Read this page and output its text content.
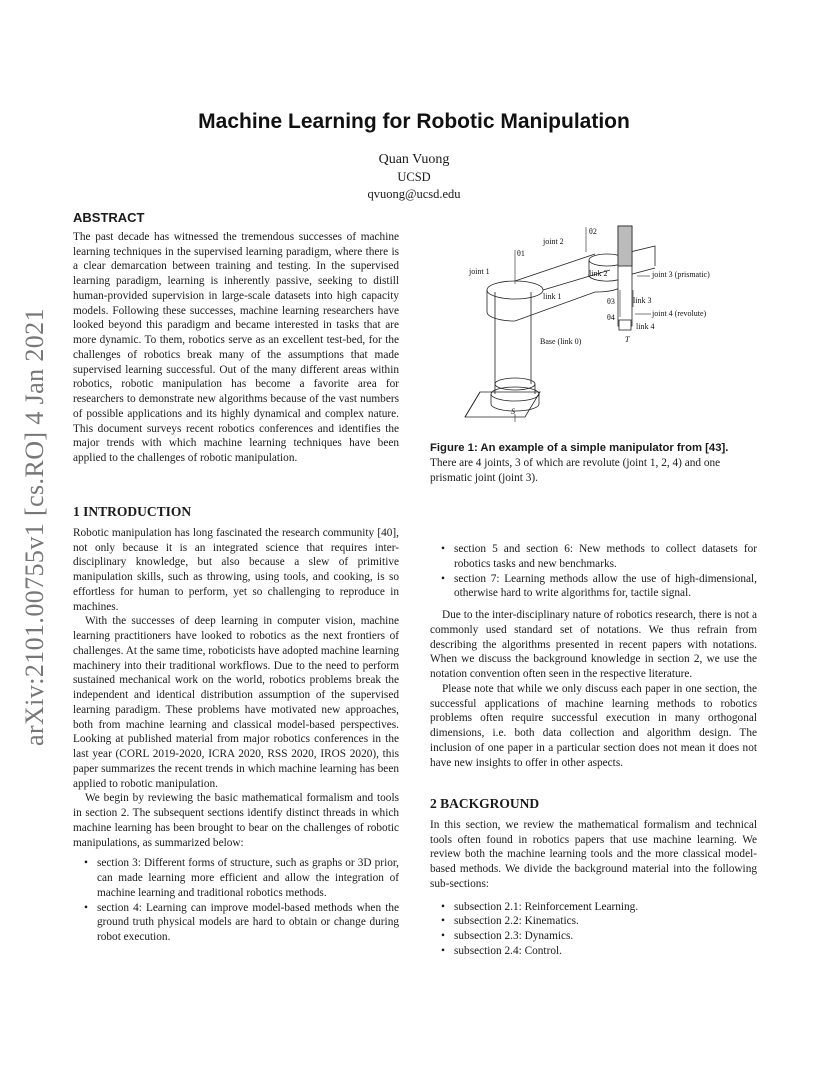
arXiv:2101.00755v1 [cs.RO] 4 Jan 2021
Machine Learning for Robotic Manipulation
Quan Vuong
UCSD
qvuong@ucsd.edu
ABSTRACT

The past decade has witnessed the tremendous successes of machine learning techniques in the supervised learning paradigm, where there is a clear demarcation between training and testing. In the supervised learning paradigm, learning is inherently passive, seeking to distill human-provided supervision in large-scale datasets into high capacity models. Following these successes, machine learning researchers have looked beyond this paradigm and became interested in tasks that are more dynamic. To them, robotics serve as an excellent test-bed, for the challenges of robotics break many of the assumptions that made supervised learning successful. Out of the many different areas within robotics, robotic manipulation has become a favorite area for researchers to demonstrate new algorithms because of the vast numbers of possible applications and its highly dynamical and complex nature. This document surveys recent robotics conferences and identifies the major trends with which machine learning techniques have been applied to the challenges of robotic manipulation.

θ1
θ2
θ3
θ4
joint 1
joint 2
joint 3 (prismatic)
joint 4 (revolute)
link 1
link 2
link 3
link 4
Base (link 0)
S
T
Figure 1: An example of a simple manipulator from [43]. There are 4 joints, 3 of which are revolute (joint 1, 2, 4) and one prismatic joint (joint 3).
1 INTRODUCTION

Robotic manipulation has long fascinated the research community [40], not only because it is an integrated science that requires inter-disciplinary knowledge, but also because a slew of primitive manipulation skills, such as throwing, using tools, and cooking, is so effortless for human to perform, yet so challenging to reproduce in machines.

With the successes of deep learning in computer vision, machine learning practitioners have looked to robotics as the next frontiers of challenges. At the same time, roboticists have adopted machine learning machinery into their traditional workflows. Due to the need to perform sustained mechanical work on the world, robotics problems break the independent and identical distribution assumption of the supervised learning paradigm. These problems have motivated new approaches, both from machine learning and classical model-based perspectives. Looking at published material from major robotics conferences in the last year (CORL 2019-2020, ICRA 2020, RSS 2020, IROS 2020), this paper summarizes the recent trends in which machine learning has been applied to robotic manipulation.

We begin by reviewing the basic mathematical formalism and tools in section 2. The subsequent sections identify distinct threads in which machine learning has been brought to bear on the challenges of robotic manipulations, as summarized below:

• section 3: Different forms of structure, such as graphs or 3D prior, can made learning more efficient and allow the integration of machine learning and traditional robotics methods.
• section 4: Learning can improve model-based methods when the ground truth physical models are hard to obtain or change during robot execution.
• section 5 and section 6: New methods to collect datasets for robotics tasks and new benchmarks.
• section 7: Learning methods allow the use of high-dimensional, otherwise hard to write algorithms for, tactile signal.

Due to the inter-disciplinary nature of robotics research, there is not a commonly used standard set of notations. We thus refrain from describing the algorithms presented in recent papers with notations. When we discuss the background knowledge in section 2, we use the notation convention often seen in the respective literature.

Please note that while we only discuss each paper in one section, the successful applications of machine learning methods to robotics problems often require successful execution in many orthogonal dimensions, i.e. both data collection and algorithm design. The inclusion of one paper in a particular section does not mean it does not have new insights to offer in other aspects.

2 BACKGROUND

In this section, we review the mathematical formalism and technical tools often found in robotics papers that use machine learning. We review both the machine learning tools and the more classical model-based methods. We divide the background material into the following sub-sections:

• subsection 2.1: Reinforcement Learning.
• subsection 2.2: Kinematics.
• subsection 2.3: Dynamics.
• subsection 2.4: Control.
